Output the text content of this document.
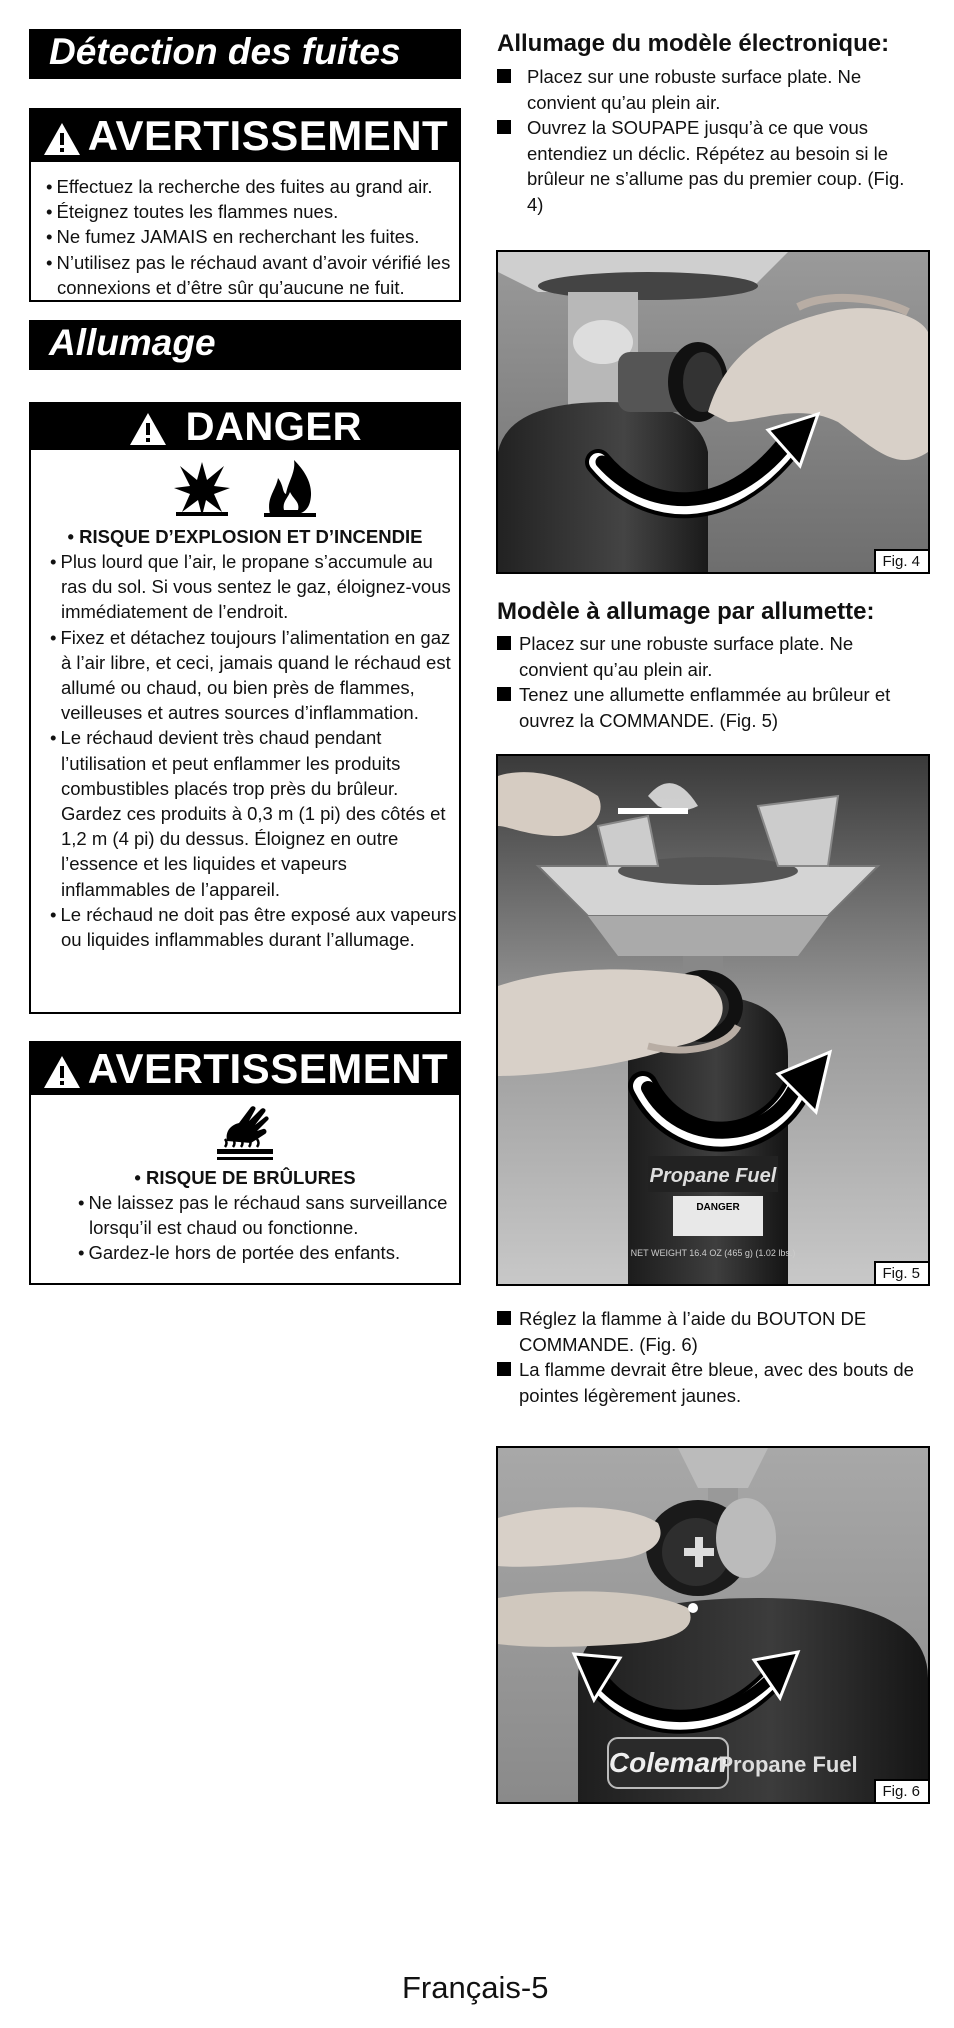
Détection des fuites
AVERTISSEMENT
• Effectuez la recherche des fuites au grand air.
• Éteignez toutes les flammes nues.
• Ne fumez JAMAIS en recherchant les fuites.
• N’utilisez pas le réchaud avant d’avoir vérifié les connexions et d’être sûr qu’aucune ne fuit.
Allumage
DANGER

• RISQUE D’EXPLOSION ET D’INCENDIE
• Plus lourd que l’air, le propane s’accumule au ras du sol. Si vous sentez le gaz, éloignez-vous immédiatement de l’endroit.
• Fixez et détachez toujours l’alimentation en gaz à l’air libre, et ceci, jamais quand le réchaud est allumé ou chaud, ou bien près de flammes, veilleuses et autres sources d’inflammation.
• Le réchaud devient très chaud pendant l’utilisation et peut enflammer les produits combustibles placés trop près du brûleur. Gardez ces produits à 0,3 m (1 pi) des côtés et 1,2 m (4 pi) du dessus. Éloignez en outre l’essence et les liquides et vapeurs inflammables de l’appareil.
• Le réchaud ne doit pas être exposé aux vapeurs ou liquides inflammables durant l’allumage.
AVERTISSEMENT
• RISQUE DE BRÛLURES
• Ne laissez pas le réchaud sans surveillance lorsqu’il est chaud ou fonctionne.
• Gardez-le hors de portée des enfants.
Allumage du modèle électronique:
Placez sur une robuste surface plate. Ne convient qu’au plein air.
Ouvrez la SOUPAPE jusqu’à ce que vous entendiez un déclic. Répétez au besoin si le brûleur ne s’allume pas du premier coup. (Fig. 4)
Fig. 4
Modèle à allumage par allumette:
Placez sur une robuste surface plate. Ne convient qu’au plein air.
Tenez une allumette enflammée au brûleur et ouvrez la COMMANDE. (Fig. 5)
Propane Fuel
DANGER
NET WEIGHT 16.4 OZ (465 g) (1.02 lbs.)
Fig. 5
Réglez la flamme à l’aide du BOUTON DE COMMANDE. (Fig. 6)
La flamme devrait être bleue, avec des bouts de pointes légèrement jaunes.
Coleman
Propane Fuel
Fig. 6
Français-5
